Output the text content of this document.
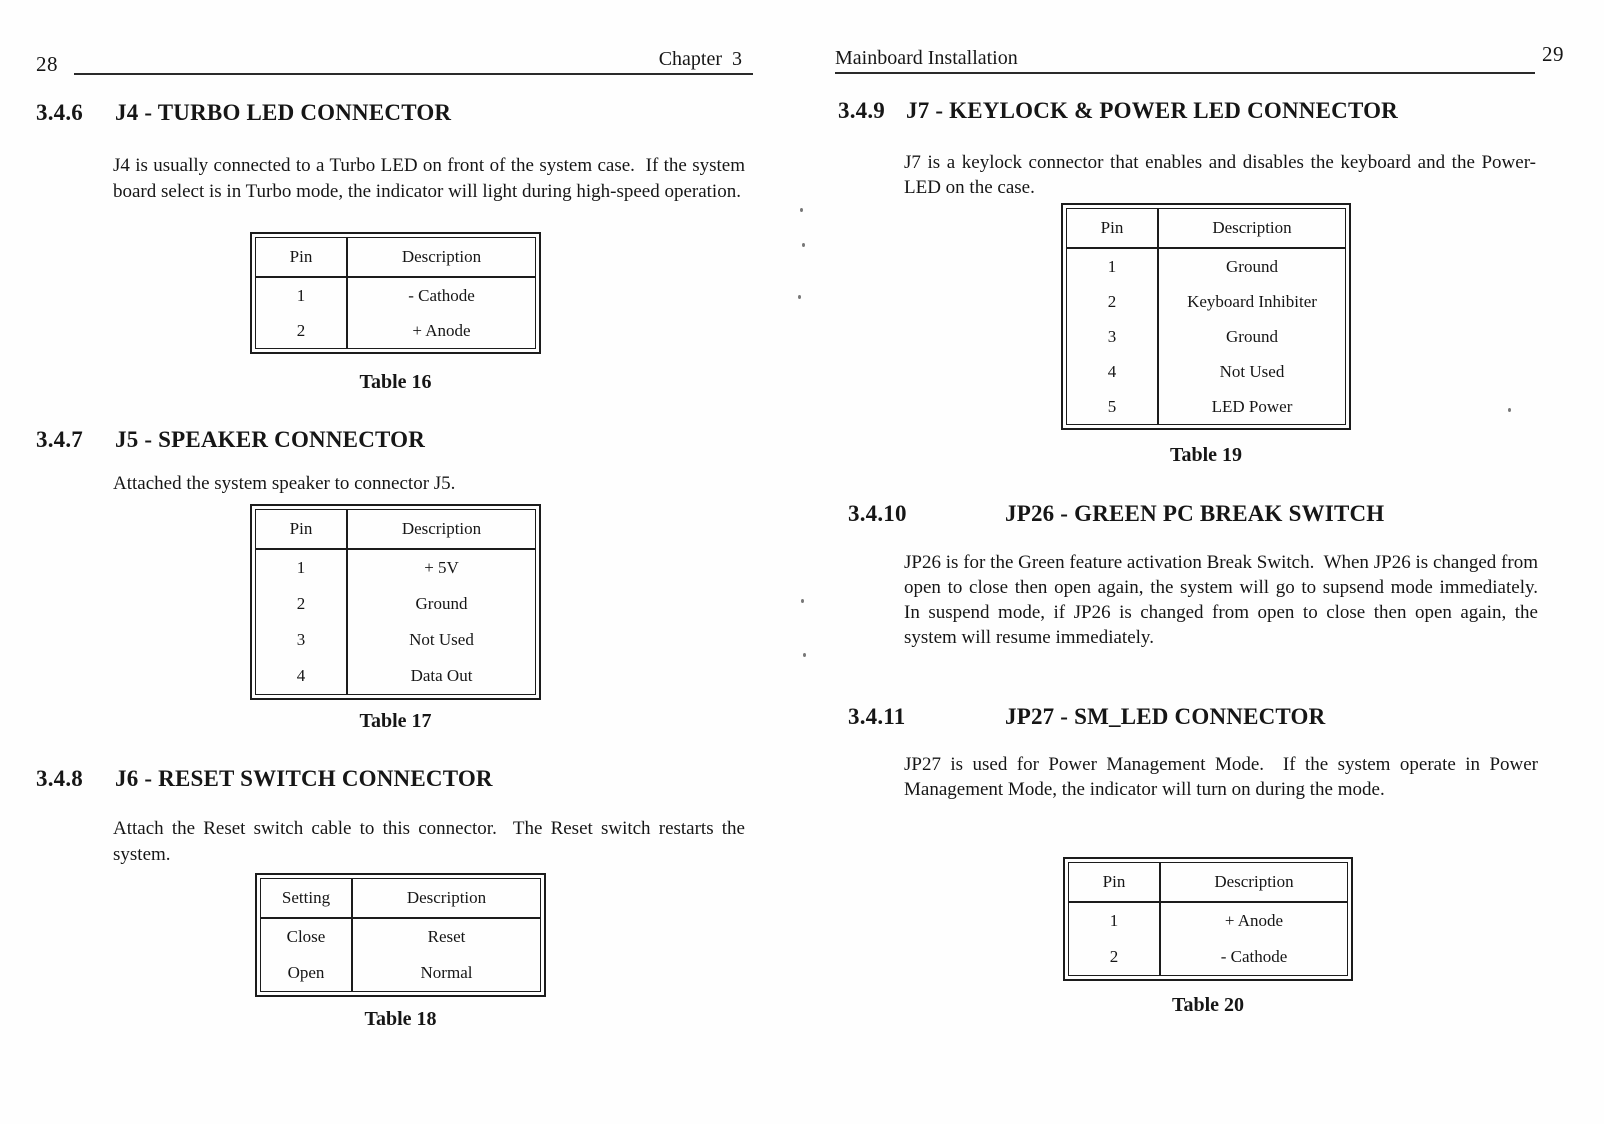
28	Chapter  3
3.4.6	J4 - TURBO LED CONNECTOR
J4 is usually connected to a Turbo LED on front of the system case.  If the system board select is in Turbo mode, the indicator will light during high-speed operation.
Pin	Description
1	- Cathode
2	+ Anode
Table 16
3.4.7	J5 - SPEAKER CONNECTOR
Attached the system speaker to connector J5.
Pin	Description
1	+ 5V
2	Ground
3	Not Used
4	Data Out
Table 17
3.4.8	J6 - RESET SWITCH CONNECTOR
Attach the Reset switch cable to this connector.  The Reset switch restarts the system.
Setting	Description
Close	Reset
Open	Normal
Table 18
Mainboard Installation	29
3.4.9 J7 - KEYLOCK & POWER LED CONNECTOR
J7 is a keylock connector that enables and disables the keyboard and the Power-LED on the case.
Pin	Description
1	Ground
2	Keyboard Inhibiter
3	Ground
4	Not Used
5	LED Power
Table 19
3.4.10	JP26 - GREEN PC BREAK SWITCH
JP26 is for the Green feature activation Break Switch.  When JP26 is changed from open to close then open again, the system will go to supsend mode immediately.  In suspend mode, if JP26 is changed from open to close then open again, the system will resume immediately.
3.4.11	JP27 - SM_LED CONNECTOR
JP27 is used for Power Management Mode.  If the system operate in Power Management Mode, the indicator will turn on during the mode.
Pin	Description
1	+ Anode
2	- Cathode
Table 20
